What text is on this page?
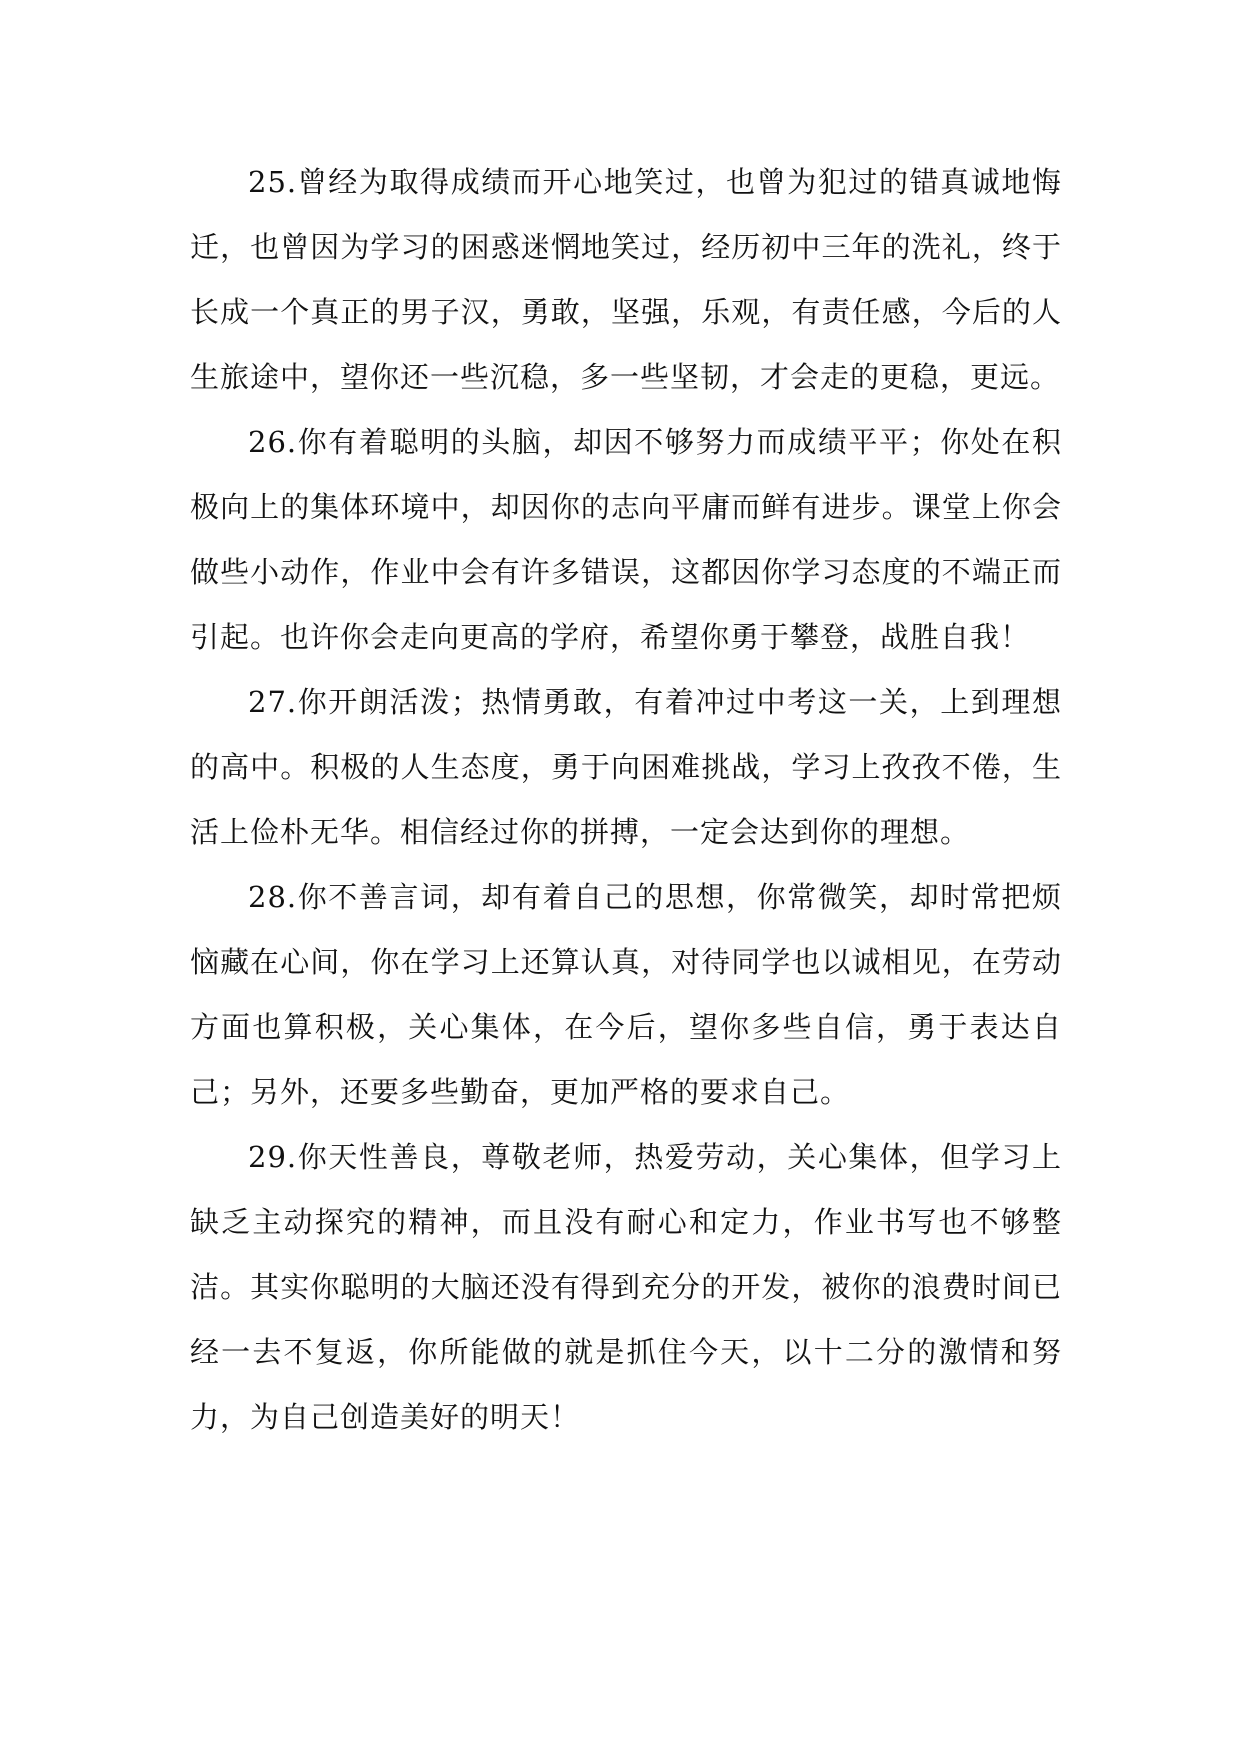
25.曾经为取得成绩而开心地笑过，也曾为犯过的错真诚地悔迁，也曾因为学习的困惑迷惘地笑过，经历初中三年的洗礼，终于长成一个真正的男子汉，勇敢，坚强，乐观，有责任感，今后的人生旅途中，望你还一些沉稳，多一些坚韧，才会走的更稳，更远。

26.你有着聪明的头脑，却因不够努力而成绩平平；你处在积极向上的集体环境中，却因你的志向平庸而鲜有进步。课堂上你会做些小动作，作业中会有许多错误，这都因你学习态度的不端正而引起。也许你会走向更高的学府，希望你勇于攀登，战胜自我！

27.你开朗活泼；热情勇敢，有着冲过中考这一关，上到理想的高中。积极的人生态度，勇于向困难挑战，学习上孜孜不倦，生活上俭朴无华。相信经过你的拼搏，一定会达到你的理想。

28.你不善言词，却有着自己的思想，你常微笑，却时常把烦恼藏在心间，你在学习上还算认真，对待同学也以诚相见，在劳动方面也算积极，关心集体，在今后，望你多些自信，勇于表达自己；另外，还要多些勤奋，更加严格的要求自己。

29.你天性善良，尊敬老师，热爱劳动，关心集体，但学习上缺乏主动探究的精神，而且没有耐心和定力，作业书写也不够整洁。其实你聪明的大脑还没有得到充分的开发，被你的浪费时间已经一去不复返，你所能做的就是抓住今天，以十二分的激情和努力，为自己创造美好的明天！
